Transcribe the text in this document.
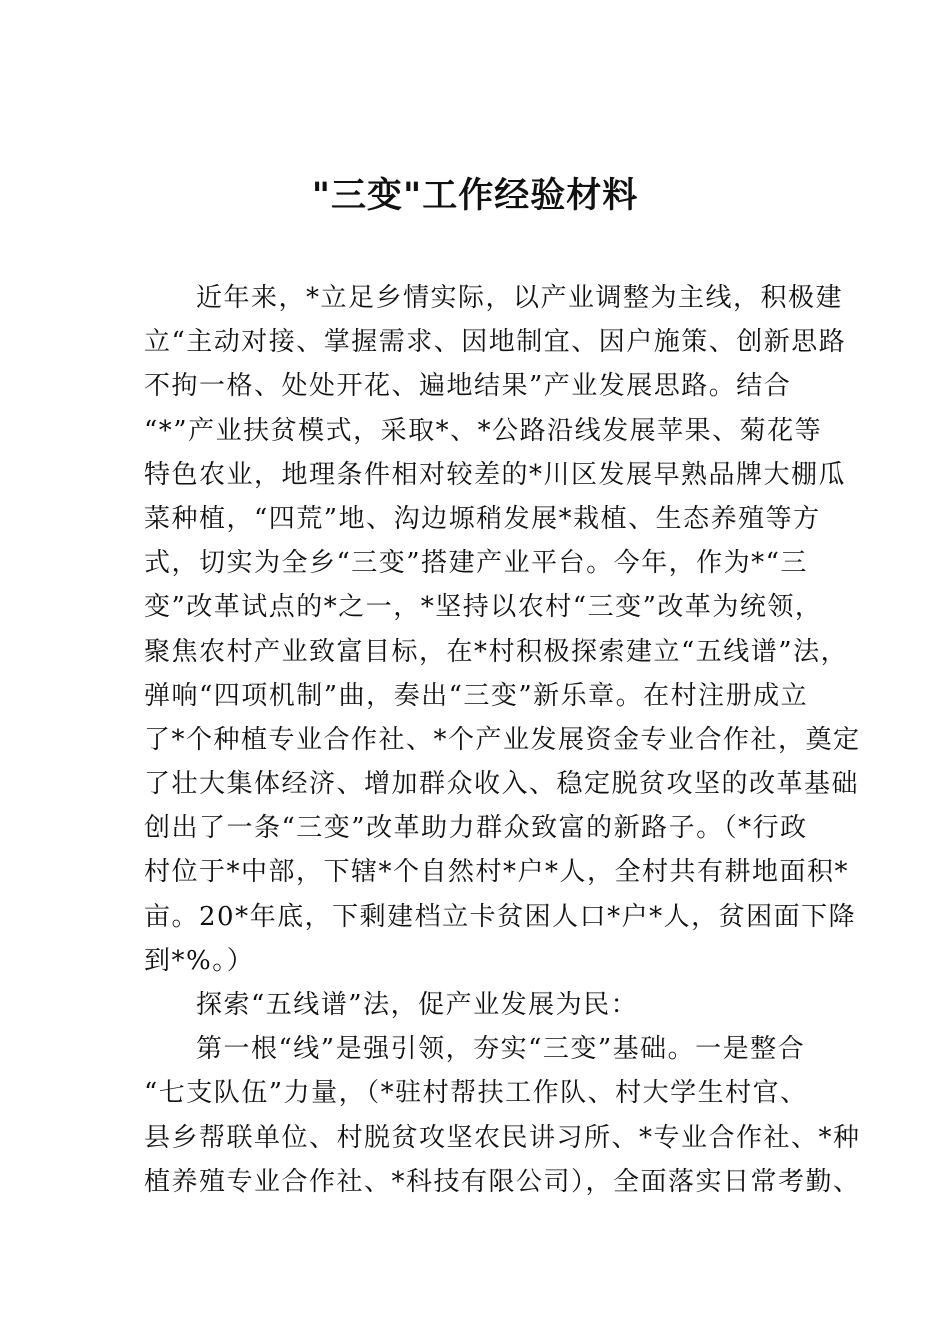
"三变"工作经验材料
近年来，*立足乡情实际，以产业调整为主线，积极建
立“主动对接、掌握需求、因地制宜、因户施策、创新思路
不拘一格、处处开花、遍地结果”产业发展思路。结合
“*”产业扶贫模式，采取*、*公路沿线发展苹果、菊花等
特色农业，地理条件相对较差的*川区发展早熟品牌大棚瓜
菜种植，“四荒”地、沟边塬稍发展*栽植、生态养殖等方
式，切实为全乡“三变”搭建产业平台。今年，作为*“三
变”改革试点的*之一，*坚持以农村“三变”改革为统领，
聚焦农村产业致富目标，在*村积极探索建立“五线谱”法，
弹响“四项机制”曲，奏出“三变”新乐章。在村注册成立
了*个种植专业合作社、*个产业发展资金专业合作社，奠定
了壮大集体经济、增加群众收入、稳定脱贫攻坚的改革基础
创出了一条“三变”改革助力群众致富的新路子。（*行政
村位于*中部，下辖*个自然村*户*人，全村共有耕地面积*
亩。20*年底，下剩建档立卡贫困人口*户*人，贫困面下降
到*%。）
探索“五线谱”法，促产业发展为民：
第一根“线”是强引领，夯实“三变”基础。一是整合
“七支队伍”力量，（*驻村帮扶工作队、村大学生村官、
县乡帮联单位、村脱贫攻坚农民讲习所、*专业合作社、*种
植养殖专业合作社、*科技有限公司），全面落实日常考勤、
